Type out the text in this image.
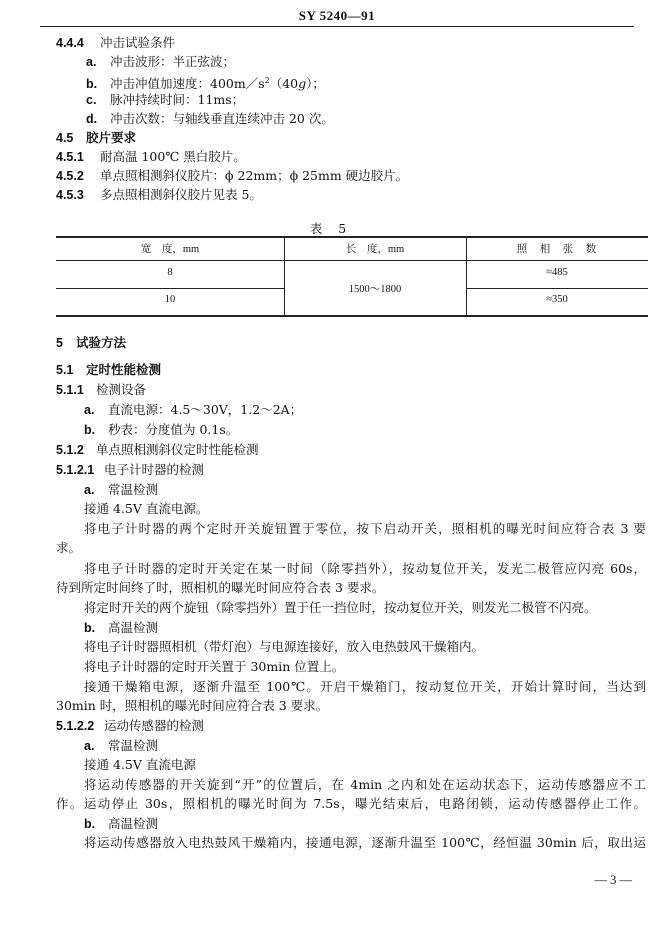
SY 5240—91
4.4.4 冲击试验条件
a. 冲击波形：半正弦波；
b. 冲击冲值加速度：$400m/s^2(40g)$；
c. 脉冲持续时间：11ms；
d. 冲击次数：与轴线垂直连续冲击 20 次。
4.5 胶片要求
4.5.1 耐高温 100℃ 黑白胶片。
4.5.2 单点照相测斜仪胶片：ϕ 22mm；ϕ 25mm 硬边胶片。
4.5.3 多点照相测斜仪胶片见表 5。
表 5
宽　度，mm	长　度，mm	照　相　张　数
8
10
1500～1800
≈485
≈350
5 试验方法
5.1 定时性能检测
5.1.1 检测设备
a. 直流电源：4.5～30V，1.2～2A；
b. 秒表：分度值为 0.1s。
5.1.2 单点照相测斜仪定时性能检测
5.1.2.1 电子计时器的检测
a. 常温检测
接通 4.5V 直流电源。
将电子计时器的两个定时开关旋钮置于零位，按下启动开关，照相机的曝光时间应符合表 3 要
求。
将电子计时器的定时开关定在某一时间（除零挡外），按动复位开关，发光二极管应闪亮 60s，
待到所定时间终了时，照相机的曝光时间应符合表 3 要求。
将定时开关的两个旋钮（除零挡外）置于任一挡位时，按动复位开关，则发光二极管不闪亮。
b. 高温检测
将电子计时器照相机（带灯泡）与电源连接好，放入电热鼓风干燥箱内。
将电子计时器的定时开关置于 30min 位置上。
接通干燥箱电源，逐渐升温至 100℃。开启干燥箱门，按动复位开关，开始计算时间，当达到
30min 时，照相机的曝光时间应符合表 3 要求。
5.1.2.2 运动传感器的检测
a. 常温检测
接通 4.5V 直流电源
将运动传感器的开关旋到“开”的位置后，在 4min 之内和处在运动状态下，运动传感器应不工
作。运动停止 30s，照相机的曝光时间为 7.5s，曝光结束后，电路闭锁，运动传感器停止工作。
b. 高温检测
将运动传感器放入电热鼓风干燥箱内，接通电源，逐渐升温至 100℃，经恒温 30min 后，取出运
— 3 —
